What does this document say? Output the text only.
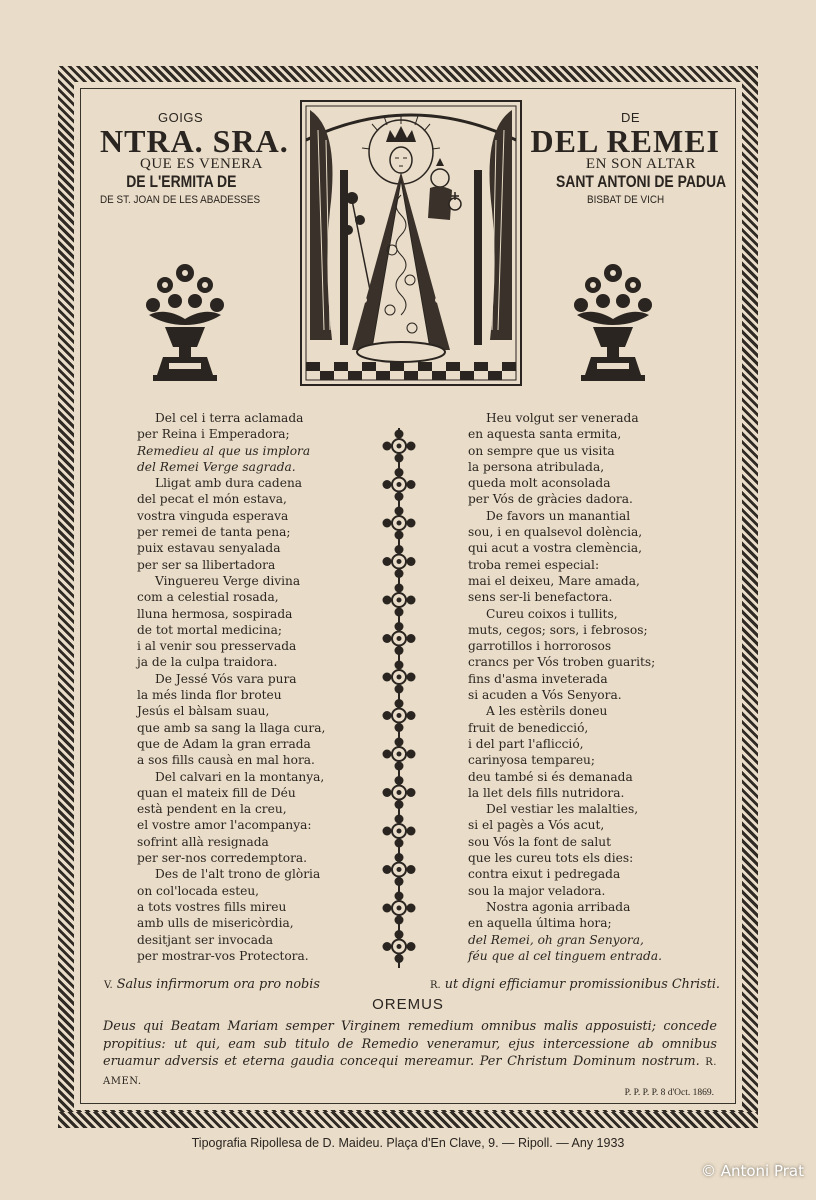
GOIGS
NTRA. SRA.
QUE ES VENERA
DE L'ERMITA DE
DE ST. JOAN DE LES ABADESSES
DE
DEL REMEI
EN SON ALTAR
SANT ANTONI DE PADUA
BISBAT DE VICH
Del cel i terra aclamada
per Reina i Emperadora;
Remedieu al que us implora
del Remei Verge sagrada.
Lligat amb dura cadena
del pecat el món estava,
vostra vinguda esperava
per remei de tanta pena;
puix estavau senyalada
per ser sa llibertadora
Vinguereu Verge divina
com a celestial rosada,
lluna hermosa, sospirada
de tot mortal medicina;
i al venir sou presservada
ja de la culpa traidora.
De Jessé Vós vara pura
la més linda flor broteu
Jesús el bàlsam suau,
que amb sa sang la llaga cura,
que de Adam la gran errada
a sos fills causà en mal hora.
Del calvari en la montanya,
quan el mateix fill de Déu
està pendent en la creu,
el vostre amor l'acompanya:
sofrint allà resignada
per ser-nos corredemptora.
Des de l'alt trono de glòria
on col'locada esteu,
a tots vostres fills mireu
amb ulls de misericòrdia,
desitjant ser invocada
per mostrar-vos Protectora.
Heu volgut ser venerada
en aquesta santa ermita,
on sempre que us visita
la persona atribulada,
queda molt aconsolada
per Vós de gràcies dadora.
De favors un manantial
sou, i en qualsevol dolència,
qui acut a vostra clemència,
troba remei especial:
mai el deixeu, Mare amada,
sens ser-li benefactora.
Cureu coixos i tullits,
muts, cegos; sors, i febrosos;
garrotillos i horrorosos
crancs per Vós troben guarits;
fins d'asma inveterada
si acuden a Vós Senyora.
A les estèrils doneu
fruit de benedicció,
i del part l'aflicció,
carinyosa tempareu;
deu també si és demanada
la llet dels fills nutridora.
Del vestiar les malalties,
si el pagès a Vós acut,
sou Vós la font de salut
que les cureu tots els dies:
contra eixut i pedregada
sou la major veladora.
Nostra agonia arribada
en aquella última hora;
del Remei, oh gran Senyora,
féu que al cel tinguem entrada.
V. Salus infirmorum ora pro nobis	R. ut digni efficiamur promissionibus Christi.
OREMUS
Deus qui Beatam Mariam semper Virginem remedium omnibus malis apposuisti; concede propitius: ut qui, eam sub titulo de Remedio veneramur, ejus intercessione ab omnibus eruamur adversis et eterna gaudia concequi mereamur. Per Christum Dominum nostrum. R. AMEN.
P. P. P. P. 8 d'Oct. 1869.
Tipografia Ripollesa de D. Maideu. Plaça d'En Clave, 9. — Ripoll. — Any 1933
© Antoni Prat
